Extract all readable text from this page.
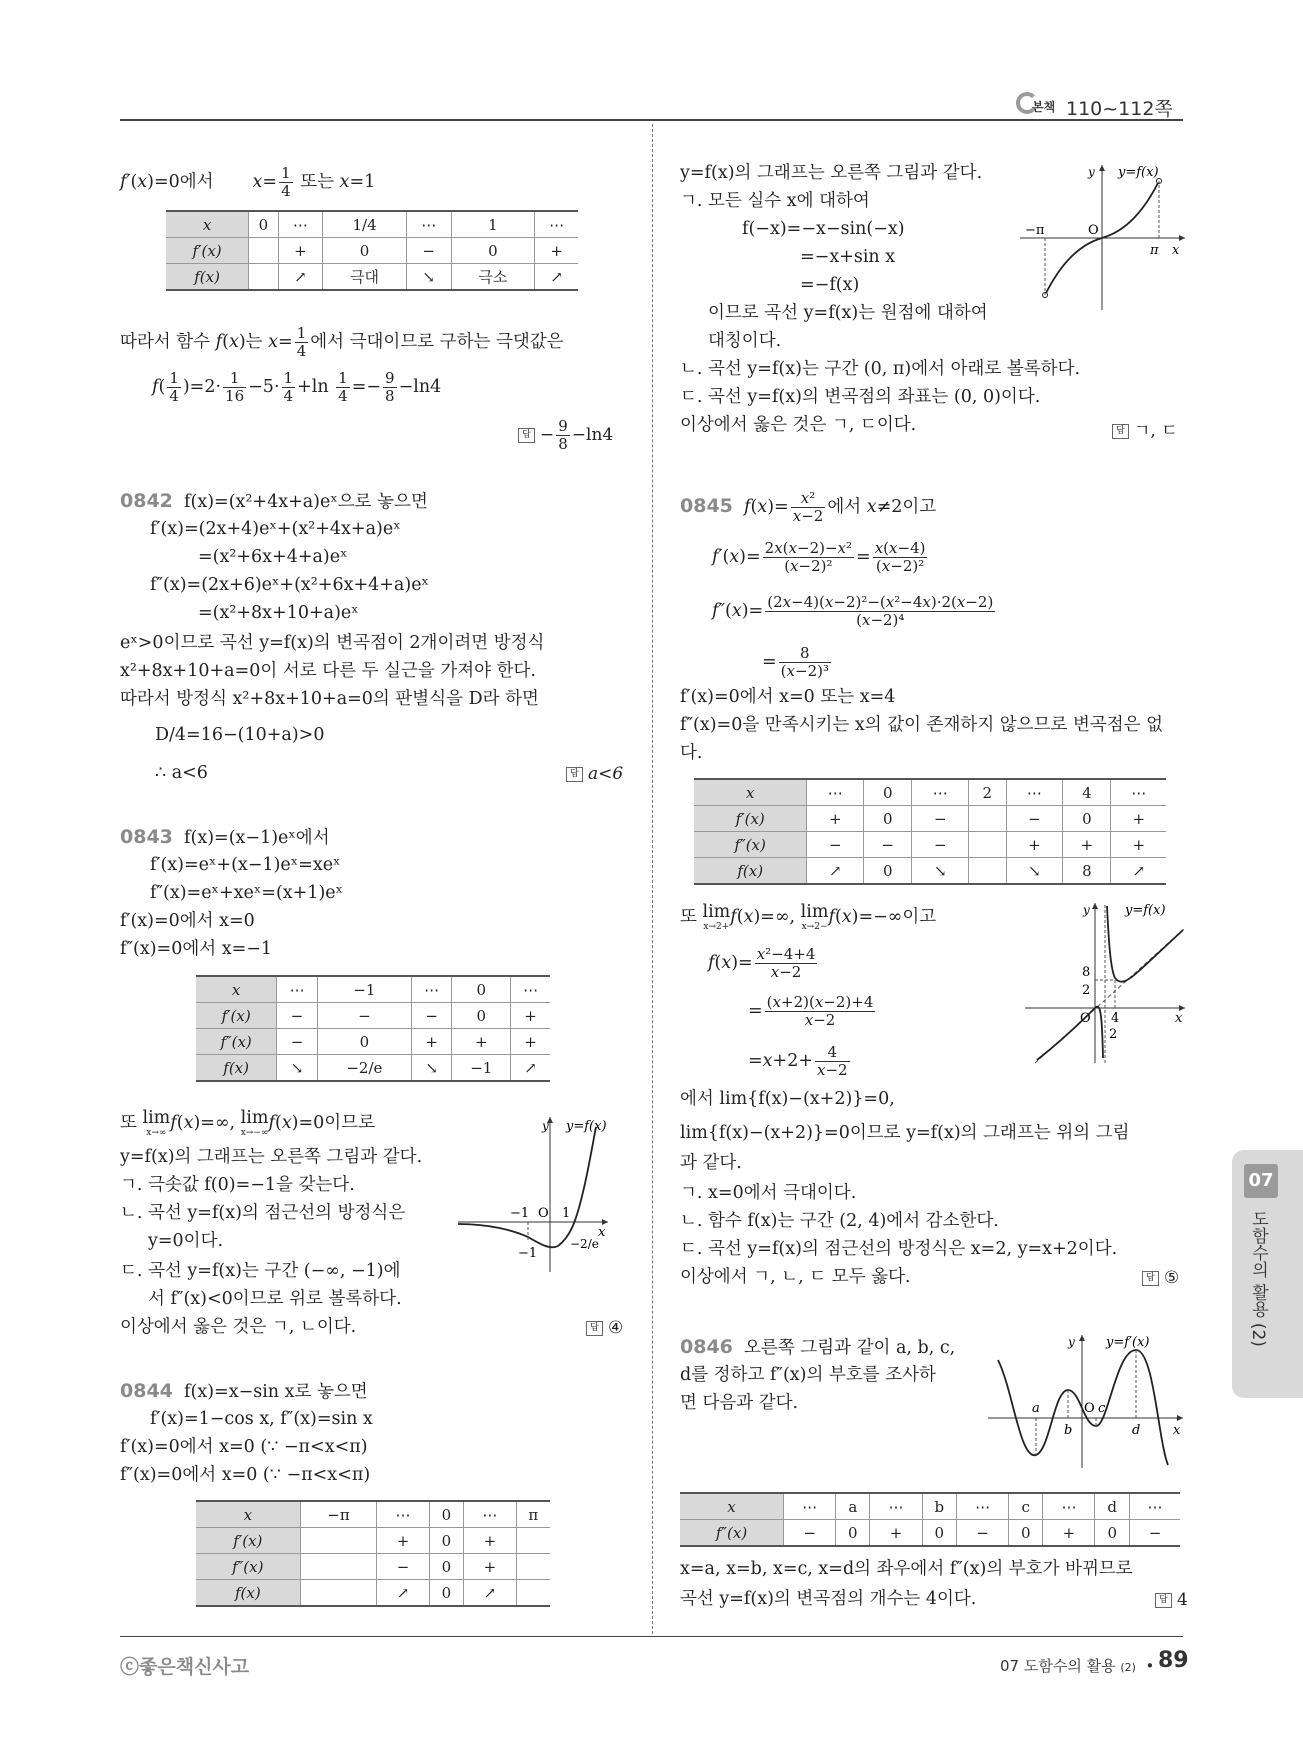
본책 110~112쪽
f′(x)=0에서       $x= \frac{1}{4}$ 또는 x=1
x	0	⋯	1/4	⋯	1	⋯
f′(x)		+	0	−	0	+
f(x)		↗	극대	↘	극소	↗
따라서 함수 f(x)는 $x= \frac{1}{4}$ 에서 극대이므로 구하는 극댓값은
$f( \frac{1}{4} )=2\cdot \frac{1}{16} -5\cdot \frac{1}{4} +\ln \frac{1}{4} =- \frac{9}{8} -\ln 4$
답 − $\frac{9}{8} -\ln 4$
0842 f(x)=(x²+4x+a)eˣ으로 놓으면
f′(x)=(2x+4)eˣ+(x²+4x+a)eˣ
=(x²+6x+4+a)eˣ
f″(x)=(2x+6)eˣ+(x²+6x+4+a)eˣ
=(x²+8x+10+a)eˣ
eˣ>0이므로 곡선 y=f(x)의 변곡점이 2개이려면 방정식
x²+8x+10+a=0이 서로 다른 두 실근을 가져야 한다.
따라서 방정식 x²+8x+10+a=0의 판별식을 D라 하면
D/4=16−(10+a)>0
∴ a<6	답 a<6
0843 f(x)=(x−1)eˣ에서
f′(x)=eˣ+(x−1)eˣ=xeˣ
f″(x)=eˣ+xeˣ=(x+1)eˣ
f′(x)=0에서 x=0
f″(x)=0에서 x=−1
x	⋯	−1	⋯	0	⋯
f′(x)	−	−	−	0	+
f″(x)	−	0	+	+	+
f(x)	↘	−2/e	↘	−1	↗
또 lim
x→∞ f(x)=∞, lim
x→−∞f(x)=0이므로
y=f(x)의 그래프는 오른쪽 그림과 같다.
ㄱ. 극솟값 f(0)=−1을 갖는다.
ㄴ. 곡선 y=f(x)의 점근선의 방정식은
y=0이다.
ㄷ. 곡선 y=f(x)는 구간 (−∞, −1)에
서 f″(x)<0이므로 위로 볼록하다.
이상에서 옳은 것은 ㄱ, ㄴ이다.	답 ④
y y=f(x)
−1 O 1
−1
−2/e
x
0844 f(x)=x−sin x로 놓으면
f′(x)=1−cos x, f″(x)=sin x
f′(x)=0에서 x=0 (∵ −π<x<π)
f″(x)=0에서 x=0 (∵ −π<x<π)
x	−π	⋯	0	⋯	π
f′(x)		+	0	+	
f″(x)		−	0	+	
f(x)		↗	0	↗	
y=f(x)의 그래프는 오른쪽 그림과 같다.
ㄱ. 모든 실수 x에 대하여
f(−x)=−x−sin(−x)
=−x+sin x
=−f(x)
이므로 곡선 y=f(x)는 원점에 대하여
대칭이다.
ㄴ. 곡선 y=f(x)는 구간 (0, π)에서 아래로 볼록하다.
ㄷ. 곡선 y=f(x)의 변곡점의 좌표는 (0, 0)이다.
이상에서 옳은 것은 ㄱ, ㄷ이다.	답 ㄱ, ㄷ
y y=f(x)
−π	O
π x
0845 $f(x)= \frac{\text{x²}}{x-2}$ 에서 x≠2이고
$f'(x)= \frac{\text{2x(x−2)−x²}}{\text{(x−2)²}} = \frac{x(x-4)}{\text{(x−2)²}}$
$f''(x)= \frac{\text{(2x−4)(x−2)²−(x²−4x)·2(x−2)}}{\text{(x−2)⁴}}$
= $\frac{8}{\text{(x−2)³}}$
f′(x)=0에서 x=0 또는 x=4
f″(x)=0을 만족시키는 x의 값이 존재하지 않으므로 변곡점은 없
다.
x	⋯	0	⋯	2	⋯	4	⋯
f′(x)	+	0	−		−	0	+
f″(x)	−	−	−		+	+	+
f(x)	↗	0	↘		↘	8	↗
또 lim
x→2+f(x)=∞, lim
x→2−f(x)=−∞이고
$f(x)= \frac{\text{x²−4+4}}{x-2}$
= $\frac{(x+2)(x-2)+4}{x-2}$
$=x+2+ \frac{4}{x-2}$
에서 lim{f(x)−(x+2)}=0,
lim{f(x)−(x+2)}=0이므로 y=f(x)의 그래프는 위의 그림
과 같다.
ㄱ. x=0에서 극대이다.
ㄴ. 함수 f(x)는 구간 (2, 4)에서 감소한다.
ㄷ. 곡선 y=f(x)의 점근선의 방정식은 x=2, y=x+2이다.
이상에서 ㄱ, ㄴ, ㄷ 모두 옳다.	답 ⑤
y	y=f(x)
8
2
O 4
2
x
0846 오른쪽 그림과 같이 a, b, c,
d를 정하고 f″(x)의 부호를 조사하
면 다음과 같다.
y y=f′(x)
a
b
O c
d	x
x	⋯	a	⋯	b	⋯	c	⋯	d	⋯
f″(x)	−	0	+	0	−	0	+	0	−
x=a, x=b, x=c, x=d의 좌우에서 f″(x)의 부호가 바뀌므로
곡선 y=f(x)의 변곡점의 개수는 4이다.	답 4
07
도함수의 활용 (2)
ⓒ좋은책신사고	07 도함수의 활용 (2)  • 89
